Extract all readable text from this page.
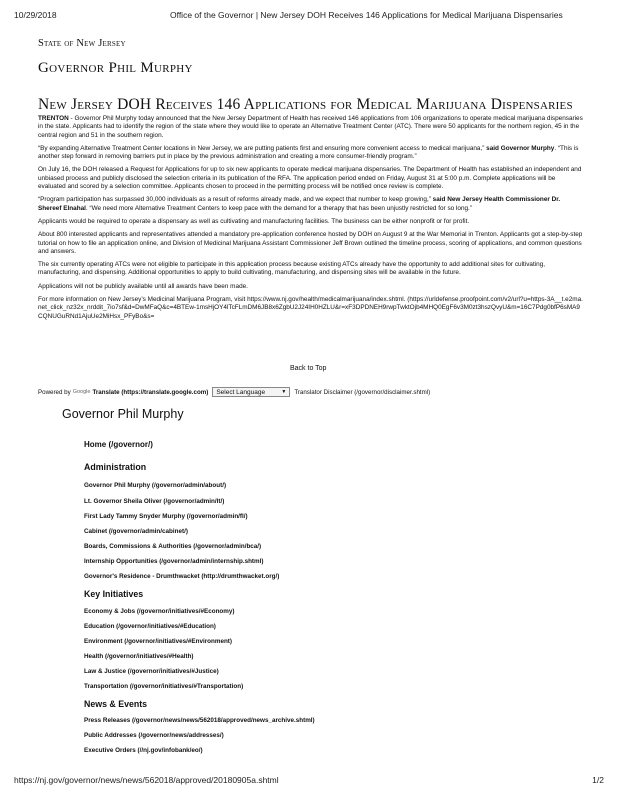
10/29/2018	Office of the Governor | New Jersey DOH Receives 146 Applications for Medical Marijuana Dispensaries
State of New Jersey
Governor Phil Murphy
New Jersey DOH Receives 146 Applications for Medical Marijuana Dispensaries

TRENTON - Governor Phil Murphy today announced that the New Jersey Department of Health has received 146 applications from 106 organizations to operate medical marijuana dispensaries in the state. Applicants had to identify the region of the state where they would like to operate an Alternative Treatment Center (ATC). There were 50 applicants for the northern region, 45 in the central region and 51 in the southern region.

“By expanding Alternative Treatment Center locations in New Jersey, we are putting patients first and ensuring more convenient access to medical marijuana,” said Governor Murphy. “This is another step forward in removing barriers put in place by the previous administration and creating a more consumer-friendly program.”

On July 16, the DOH released a Request for Applications for up to six new applicants to operate medical marijuana dispensaries. The Department of Health has established an independent and unbiased process and publicly disclosed the selection criteria in its publication of the RFA. The application period ended on Friday, August 31 at 5:00 p.m. Complete applications will be evaluated and scored by a selection committee. Applicants chosen to proceed in the permitting process will be notified once review is complete.

“Program participation has surpassed 30,000 individuals as a result of reforms already made, and we expect that number to keep growing,” said New Jersey Health Commissioner Dr. Shereef Elnahal. “We need more Alternative Treatment Centers to keep pace with the demand for a therapy that has been unjustly restricted for so long.”

Applicants would be required to operate a dispensary as well as cultivating and manufacturing facilities. The business can be either nonprofit or for profit.

About 800 interested applicants and representatives attended a mandatory pre-application conference hosted by DOH on August 9 at the War Memorial in Trenton. Applicants got a step-by-step tutorial on how to file an application online, and Division of Medicinal Marijuana Assistant Commissioner Jeff Brown outlined the timeline process, scoring of applications, and common questions and answers.

The six currently operating ATCs were not eligible to participate in this application process because existing ATCs already have the opportunity to add additional sites for cultivating, manufacturing, and dispensing. Additional opportunities to apply to build cultivating, manufacturing, and dispensing sites will be available in the future.

Applications will not be publicly available until all awards have been made.

For more information on New Jersey’s Medicinal Marijuana Program, visit https://www.nj.gov/health/medicalmarijuana/index.shtml. (https://urldefense.proofpoint.com/v2/url?u=https-3A__t.e2ma.net_click_nz32x_nrddit_7io7sf&d=DwMFaQ&c=4BTEw-1msHjOY4lTcFLmDM6JB8x6ZgbU2J24IH0HZLU&r=xF3DPDNEH9rwpTwktOjb4MHQ0EgF6v3M0zt3hszQvyU&m=16C7Pdg0bfP6sMA9CQNUGuRNd1AjuUe2MiHsx_PFyBo&s=

Back to Top
Powered by Google Translate (https://translate.google.com) Select Language	▼ Translator Disclaimer (/governor/disclaimer.shtml)
Governor Phil Murphy
Home (/governor/)
Administration
Governor Phil Murphy (/governor/admin/about/)
Lt. Governor Sheila Oliver (/governor/admin/lt/)
First Lady Tammy Snyder Murphy (/governor/admin/fl/)
Cabinet (/governor/admin/cabinet/)
Boards, Commissions & Authorities (/governor/admin/bca/)
Internship Opportunities (/governor/admin/internship.shtml)
Governor's Residence - Drumthwacket (http://drumthwacket.org/)
Key Initiatives
Economy & Jobs (/governor/initiatives/#Economy)
Education (/governor/initiatives/#Education)
Environment (/governor/initiatives/#Environment)
Health (/governor/initiatives/#Health)
Law & Justice (/governor/initiatives/#Justice)
Transportation (/governor/initiatives/#Transportation)
News & Events
Press Releases (/governor/news/news/562018/approved/news_archive.shtml)
Public Addresses (/governor/news/addresses/)
Executive Orders (//nj.gov/infobank/eo/)
https://nj.gov/governor/news/news/562018/approved/20180905a.shtml	1/2
